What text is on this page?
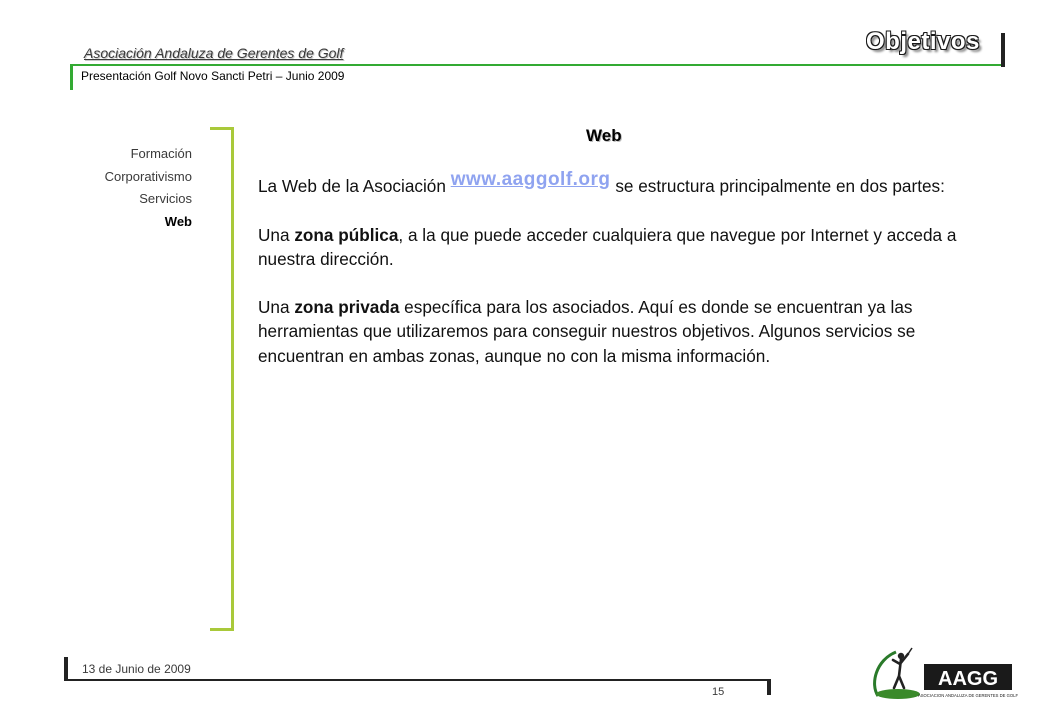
Asociación Andaluza de Gerentes de Golf
Presentación Golf Novo Sancti Petri – Junio 2009
Objetivos
Formación
Corporativismo
Servicios
Web
Web

La Web de la Asociación www.aaggolf.org se estructura principalmente en dos partes:

Una zona pública, a la que puede acceder cualquiera que navegue por Internet y acceda a nuestra dirección.

Una zona privada específica para los asociados. Aquí es donde se encuentran ya las herramientas que utilizaremos para conseguir nuestros objetivos. Algunos servicios se encuentran en ambas zonas, aunque no con la misma información.

13 de Junio de 2009
15
AAGG
ASOCIACION ANDALUZA DE GERENTES DE GOLF
